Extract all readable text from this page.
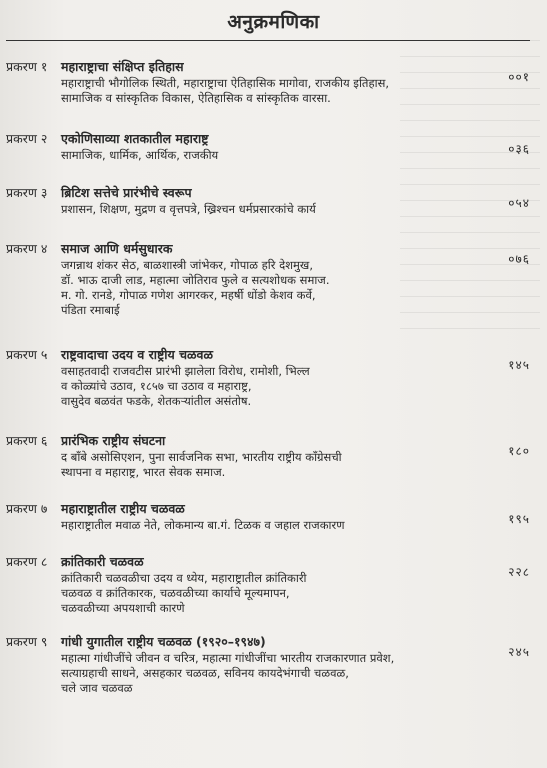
अनुक्रमणिका
प्रकरण १ महाराष्ट्राचा संक्षिप्त इतिहास
००१
महाराष्ट्राची भौगोलिक स्थिती, महाराष्ट्राचा ऐतिहासिक मागोवा, राजकीय इतिहास,
सामाजिक व सांस्कृतिक विकास, ऐतिहासिक व सांस्कृतिक वारसा.
प्रकरण २ एकोणिसाव्या शतकातील महाराष्ट्र
०३६
सामाजिक, धार्मिक, आर्थिक, राजकीय
प्रकरण ३ ब्रिटिश सत्तेचे प्रारंभीचे स्वरूप
०५४
प्रशासन, शिक्षण, मुद्रण व वृत्तपत्रे, ख्रिश्चन धर्मप्रसारकांचे कार्य
प्रकरण ४ समाज आणि धर्मसुधारक
०७६
जगन्नाथ शंकर सेठ, बाळशास्त्री जांभेकर, गोपाळ हरि देशमुख,
डॉ. भाऊ दाजी लाड, महात्मा जोतिराव फुले व सत्यशोधक समाज.
म. गो. रानडे, गोपाळ गणेश आगरकर, महर्षी धोंडो केशव कर्वे,
पंडिता रमाबाई
प्रकरण ५ राष्ट्रवादाचा उदय व राष्ट्रीय चळवळ
१४५
वसाहतवादी राजवटीस प्रारंभी झालेला विरोध, रामोशी, भिल्ल
व कोळ्यांचे उठाव, १८५७ चा उठाव व महाराष्ट्र,
वासुदेव बळवंत फडके, शेतकऱ्यांतील असंतोष.
प्रकरण ६ प्रारंभिक राष्ट्रीय संघटना
१८०
द बॉंबे असोसिएशन, पुना सार्वजनिक सभा, भारतीय राष्ट्रीय कॉंग्रेसची
स्थापना व महाराष्ट्र, भारत सेवक समाज.
प्रकरण ७ महाराष्ट्रातील राष्ट्रीय चळवळ
१९५
महाराष्ट्रातील मवाळ नेते, लोकमान्य बा.गं. टिळक व जहाल राजकारण
प्रकरण ८ क्रांतिकारी चळवळ
२२८
क्रांतिकारी चळवळीचा उदय व ध्येय, महाराष्ट्रातील क्रांतिकारी
चळवळ व क्रांतिकारक, चळवळीच्या कार्याचे मूल्यमापन,
चळवळीच्या अपयशाची कारणे
प्रकरण ९ गांधी युगातील राष्ट्रीय चळवळ (१९२०–१९४७)
२४५
महात्मा गांधीजींचे जीवन व चरित्र, महात्मा गांधीजींचा भारतीय राजकारणात प्रवेश,
सत्याग्रहाची साधने, असहकार चळवळ, सविनय कायदेभंगाची चळवळ,
चले जाव चळवळ
